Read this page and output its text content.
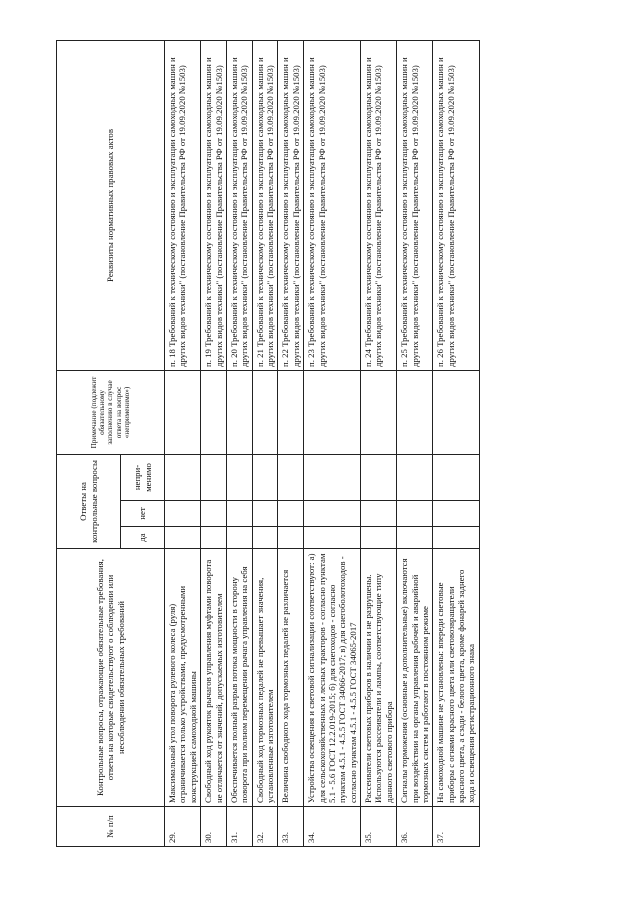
№ п/п	Контрольные вопросы, отражающие обязательные требования, ответы на которые свидетельствуют о соблюдении или несоблюдении обязательных требований	Ответы на контрольные вопросы			Примечание (подлежит обязательному заполнению в случае ответа на вопрос «неприменимо»)	Реквизиты нормативных правовых актов
		да	нет	непри-менимо		
29.	Максимальный угол поворота рулевого колеса (руля) ограничивается только устройствами, предусмотренными конструкцией самоходной машины					п. 18 Требований к техническому состоянию и эксплуатации самоходных машин и других видов техники" (постановление Правительства РФ от 19.09.2020 №1503)
30.	Свободный ход рукояток рычагов управления муфтами поворота не отличается от значений, допускаемых изготовителем					п. 19 Требований к техническому состоянию и эксплуатации самоходных машин и других видов техники" (постановление Правительства РФ от 19.09.2020 №1503)
31.	Обеспечивается полный разрыв потока мощности в сторону поворота при полном перемещении рычага управления на себя					п. 20 Требований к техническому состоянию и эксплуатации самоходных машин и других видов техники" (постановление Правительства РФ от 19.09.2020 №1503)
32.	Свободный ход тормозных педалей не превышает значения, установленные изготовителем					п. 21 Требований к техническому состоянию и эксплуатации самоходных машин и других видов техники" (постановление Правительства РФ от 19.09.2020 №1503)
33.	Величина свободного хода тормозных педалей не различается					п. 22 Требований к техническому состоянию и эксплуатации самоходных машин и других видов техники" (постановление Правительства РФ от 19.09.2020 №1503)
34.	Устройства освещения и световой сигнализации соответствуют: а) для сельскохозяйственных и лесных тракторов - согласно пунктам 5.1 - 5.6 ГОСТ 12.2.019-2015; б) для снегоходов - согласно пунктам 4.5.1 - 4.5.5 ГОСТ 34066-2017; в) для снегоболотоходов - согласно пунктам 4.5.1 - 4.5.5 ГОСТ 34065-2017					п. 23 Требований к техническому состоянию и эксплуатации самоходных машин и других видов техники" (постановление Правительства РФ от 19.09.2020 №1503)
35.	Рассеиватели световых приборов в наличии и не разрушены. Используются рассеиватели и лампы, соответствующие типу данного светового прибора					п. 24 Требований к техническому состоянию и эксплуатации самоходных машин и других видов техники" (постановление Правительства РФ от 19.09.2020 №1503)
36.	Сигналы торможения (основные и дополнительные) включаются при воздействии на органы управления рабочей и аварийной тормозных систем и работают в постоянном режиме					п. 25 Требований к техническому состоянию и эксплуатации самоходных машин и других видов техники" (постановление Правительства РФ от 19.09.2020 №1503)
37.	На самоходной машине не установлены: впереди световые приборы с огнями красного цвета или световозвращатели красного цвета, а сзади - белого цвета, кроме фонарей заднего хода и освещения регистрационного знака					п. 26 Требований к техническому состоянию и эксплуатации самоходных машин и других видов техники" (постановление Правительства РФ от 19.09.2020 №1503)
